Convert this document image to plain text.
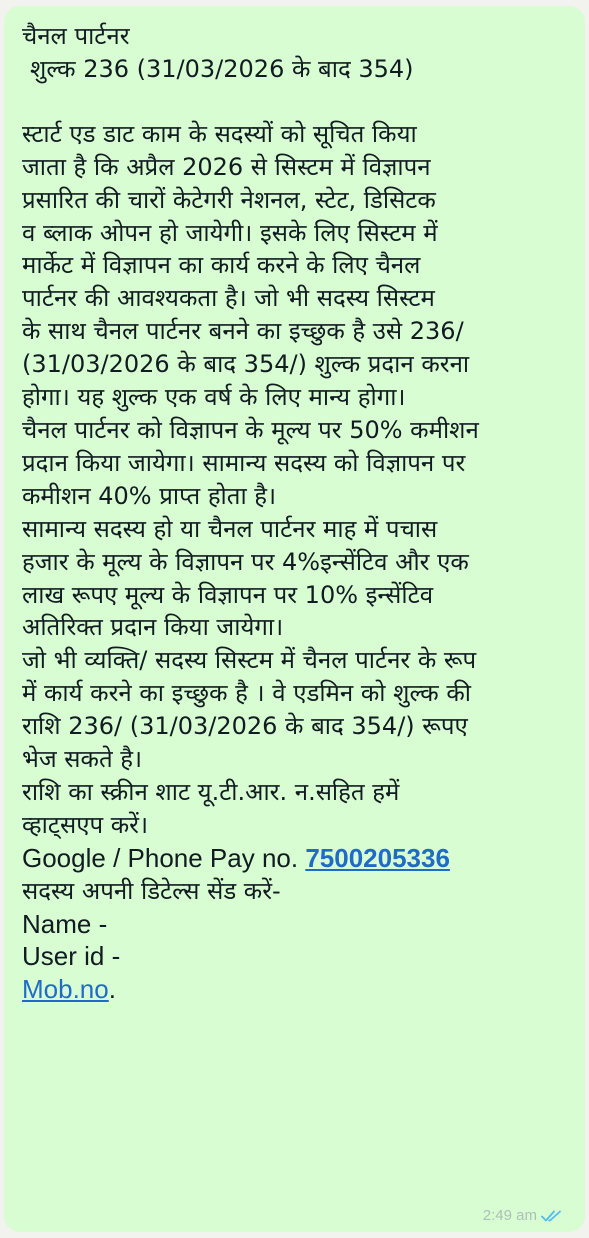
चैनल पार्टनर
शुल्क 236 (31/03/2026 के बाद 354)
स्टार्ट एड डाट काम के सदस्यों को सूचित किया
जाता है कि अप्रैल 2026 से सिस्टम में विज्ञापन
प्रसारित की चारों केटेगरी नेशनल, स्टेट, डिसिटक
व ब्लाक ओपन हो जायेगी। इसके लिए सिस्टम में
मार्केट में विज्ञापन का कार्य करने के लिए चैनल
पार्टनर की आवश्यकता है। जो भी सदस्य सिस्टम
के साथ चैनल पार्टनर बनने का इच्छुक है उसे 236/
(31/03/2026 के बाद 354/) शुल्क प्रदान करना
होगा। यह शुल्क एक वर्ष के लिए मान्य होगा।
चैनल पार्टनर को विज्ञापन के मूल्य पर 50% कमीशन
प्रदान किया जायेगा। सामान्य सदस्य को विज्ञापन पर
कमीशन 40% प्राप्त होता है।
सामान्य सदस्य हो या चैनल पार्टनर माह में पचास
हजार के मूल्य के विज्ञापन पर 4%इन्सेंटिव और एक
लाख रूपए मूल्य के विज्ञापन पर 10% इन्सेंटिव
अतिरिक्त प्रदान किया जायेगा।
जो भी व्यक्ति/ सदस्य सिस्टम में चैनल पार्टनर के रूप
में कार्य करने का इच्छुक है । वे एडमिन को शुल्क की
राशि 236/ (31/03/2026 के बाद 354/) रूपए
भेज सकते है।
राशि का स्क्रीन शाट यू.टी.आर. न.सहित हमें
व्हाट्सएप करें।
Google / Phone Pay no. 7500205336
सदस्य अपनी डिटेल्स सेंड करें-
Name -
User id -
Mob.no.
2:49 am
